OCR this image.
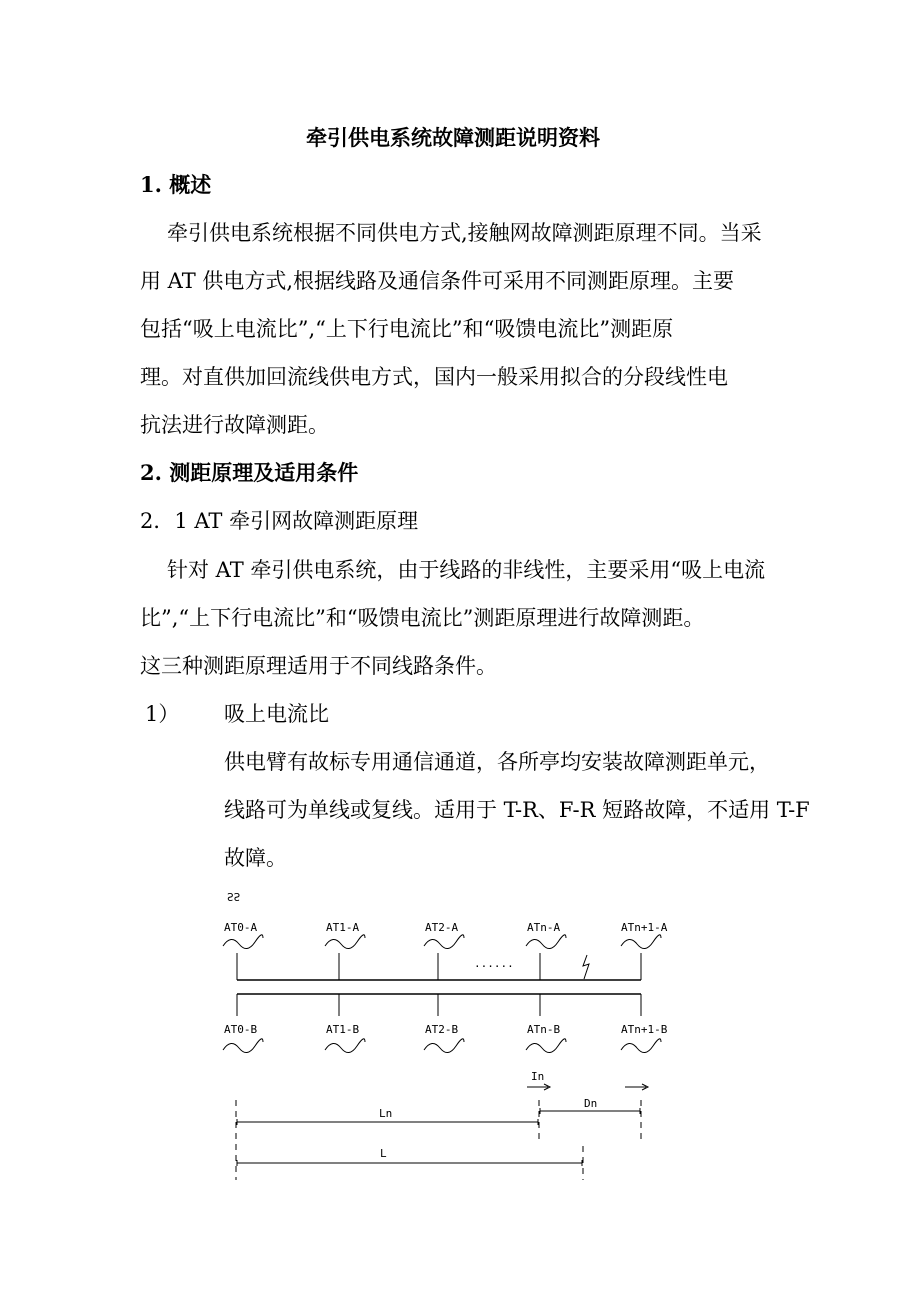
牵引供电系统故障测距说明资料
1. 概述
牵引供电系统根据不同供电方式,接触网故障测距原理不同。当采
用 AT 供电方式,根据线路及通信条件可采用不同测距原理。主要
包括“吸上电流比”,“上下行电流比”和“吸馈电流比”测距原
理。对直供加回流线供电方式，国内一般采用拟合的分段线性电
抗法进行故障测距。
2. 测距原理及适用条件
2．1 AT 牵引网故障测距原理
针对 AT 牵引供电系统，由于线路的非线性，主要采用“吸上电流
比”,“上下行电流比”和“吸馈电流比”测距原理进行故障测距。
这三种测距原理适用于不同线路条件。
1） 吸上电流比
供电臂有故标专用通信通道，各所亭均安装故障测距单元，
线路可为单线或复线。适用于 T-R、F-R 短路故障，不适用 T-F
故障。
SS
AT0-A
AT0-B
AT1-A
AT1-B
AT2-A
AT2-B
ATn-A
ATn-B
ATn+1-A
ATn+1-B
......
In
Dn
Ln
L
